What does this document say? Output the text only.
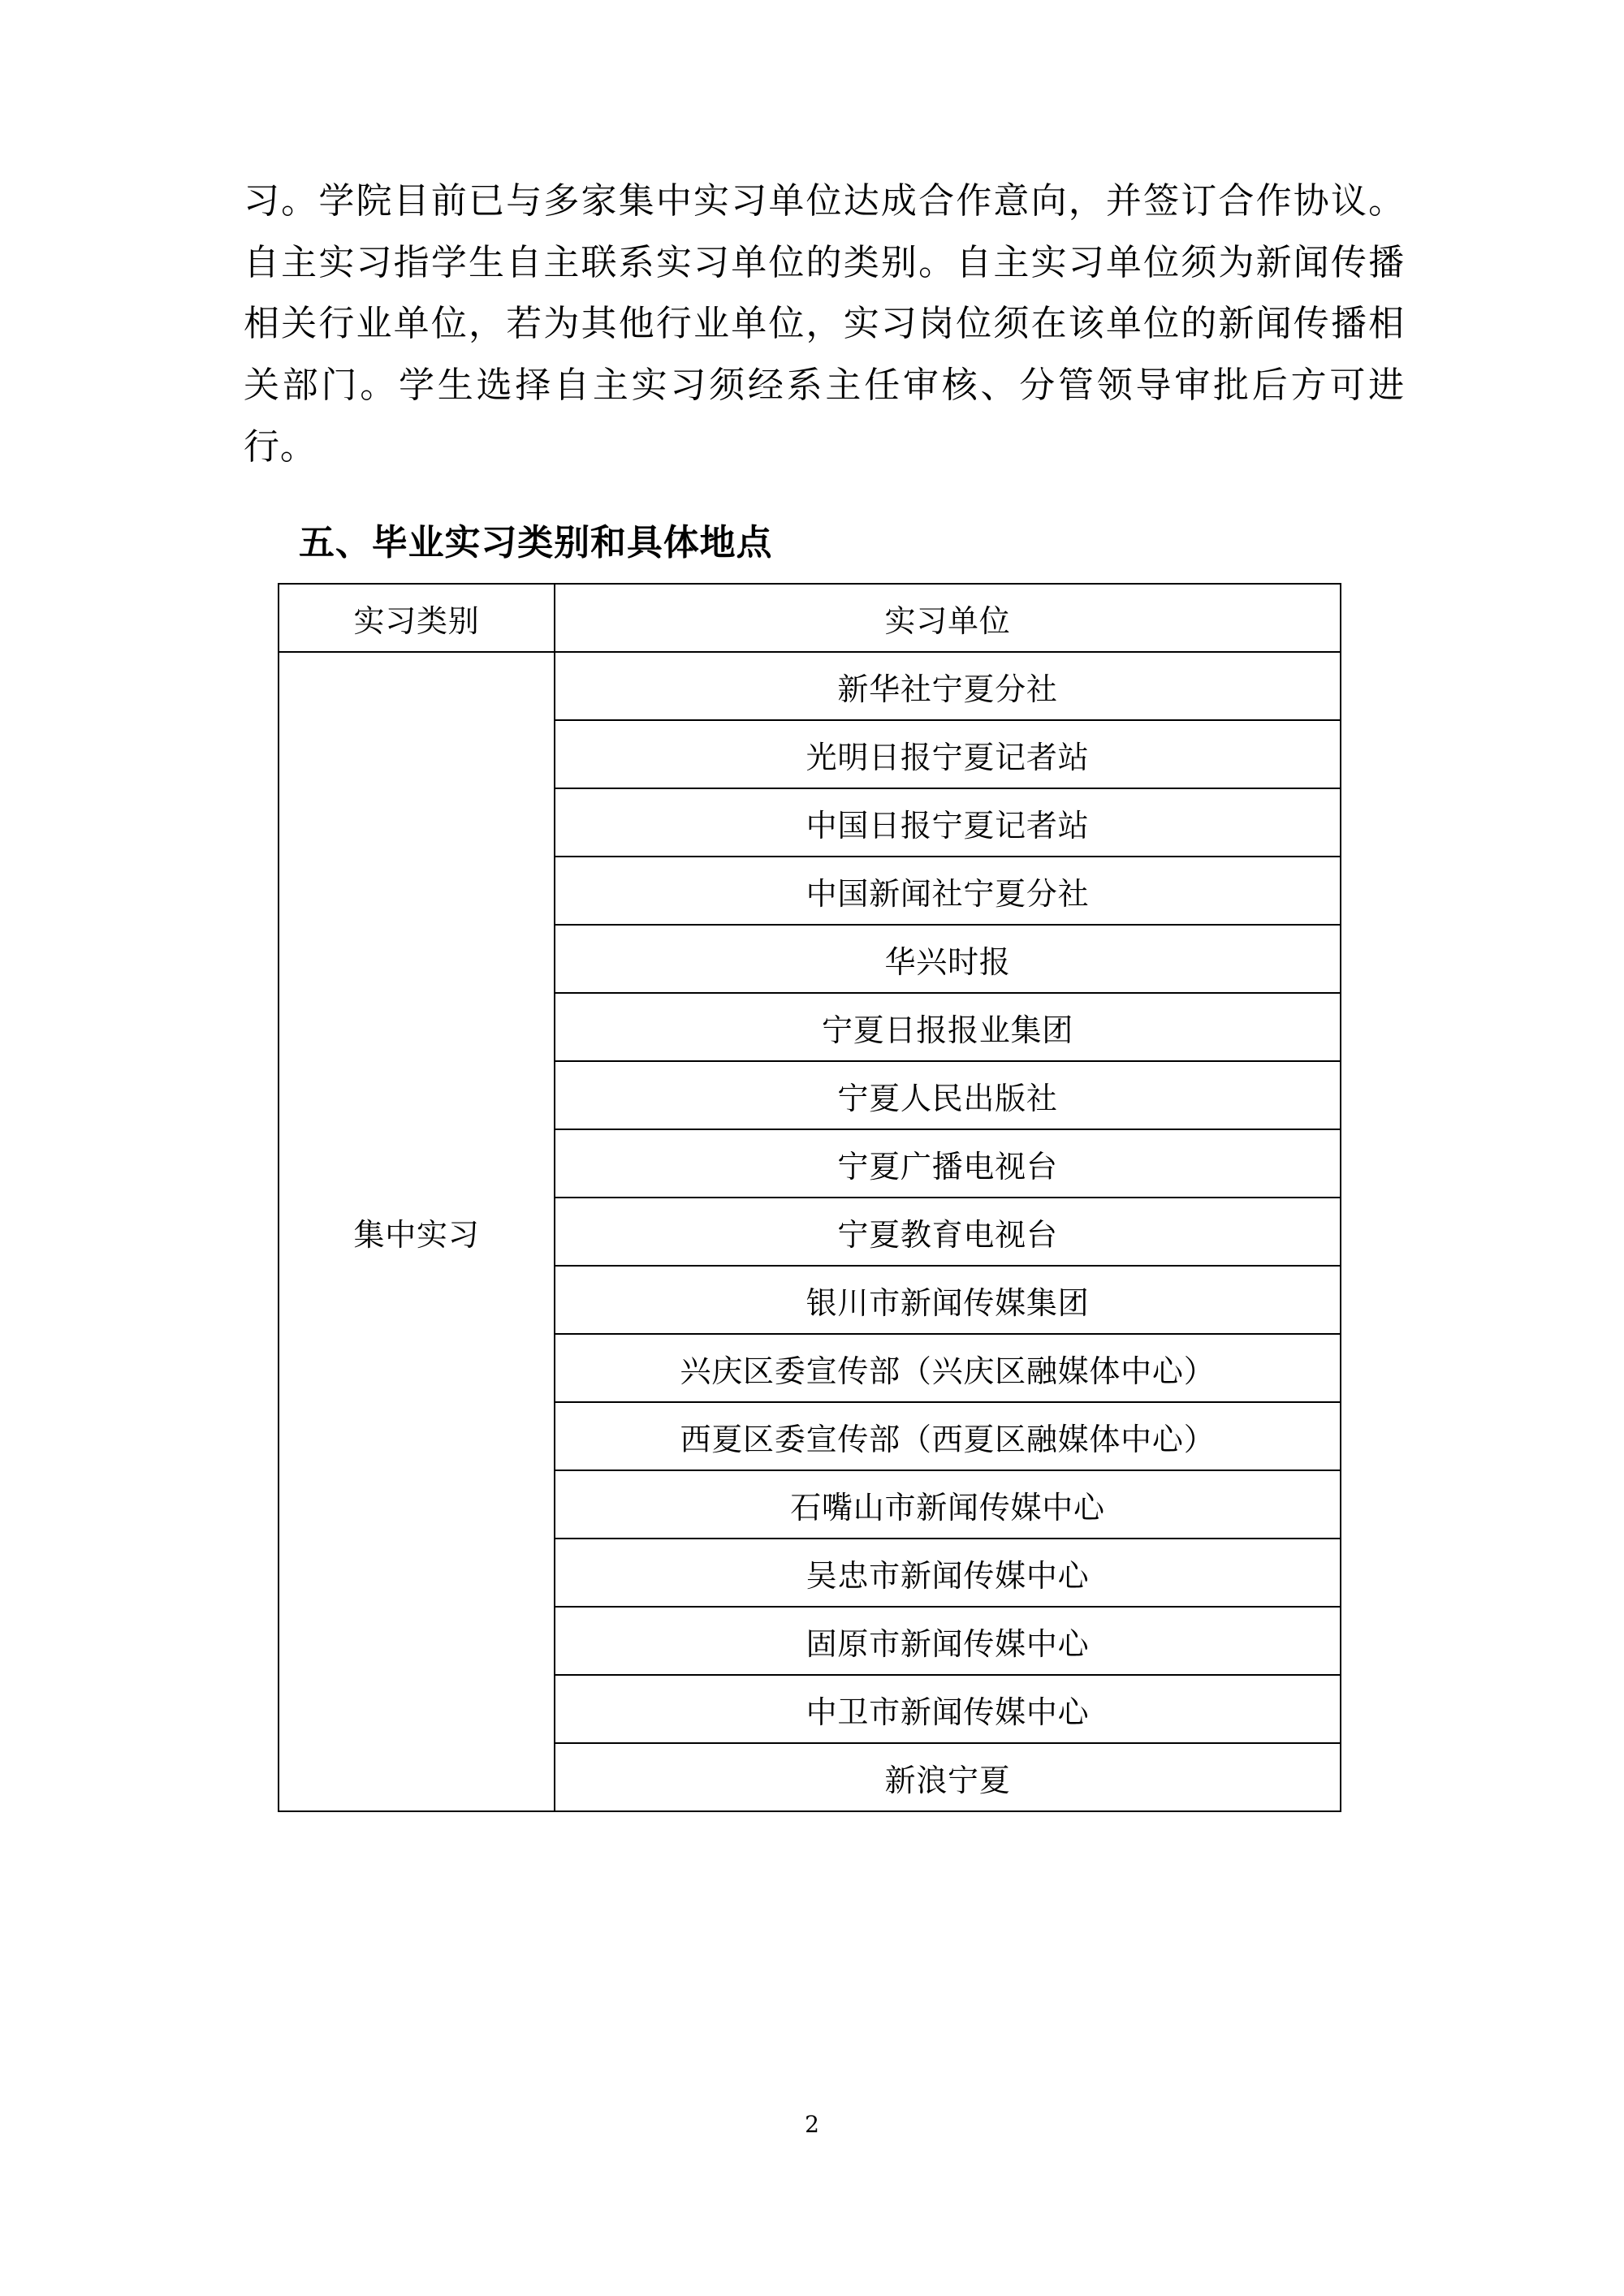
习。学院目前已与多家集中实习单位达成合作意向，并签订合作协议。自主实习指学生自主联系实习单位的类别。自主实习单位须为新闻传播相关行业单位，若为其他行业单位，实习岗位须在该单位的新闻传播相关部门。学生选择自主实习须经系主任审核、分管领导审批后方可进行。

五、毕业实习类别和具体地点
实习类别	实习单位
集中实习	新华社宁夏分社
	光明日报宁夏记者站
	中国日报宁夏记者站
	中国新闻社宁夏分社
	华兴时报
	宁夏日报报业集团
	宁夏人民出版社
	宁夏广播电视台
	宁夏教育电视台
	银川市新闻传媒集团
	兴庆区委宣传部（兴庆区融媒体中心）
	西夏区委宣传部（西夏区融媒体中心）
	石嘴山市新闻传媒中心
	吴忠市新闻传媒中心
	固原市新闻传媒中心
	中卫市新闻传媒中心
	新浪宁夏
2
